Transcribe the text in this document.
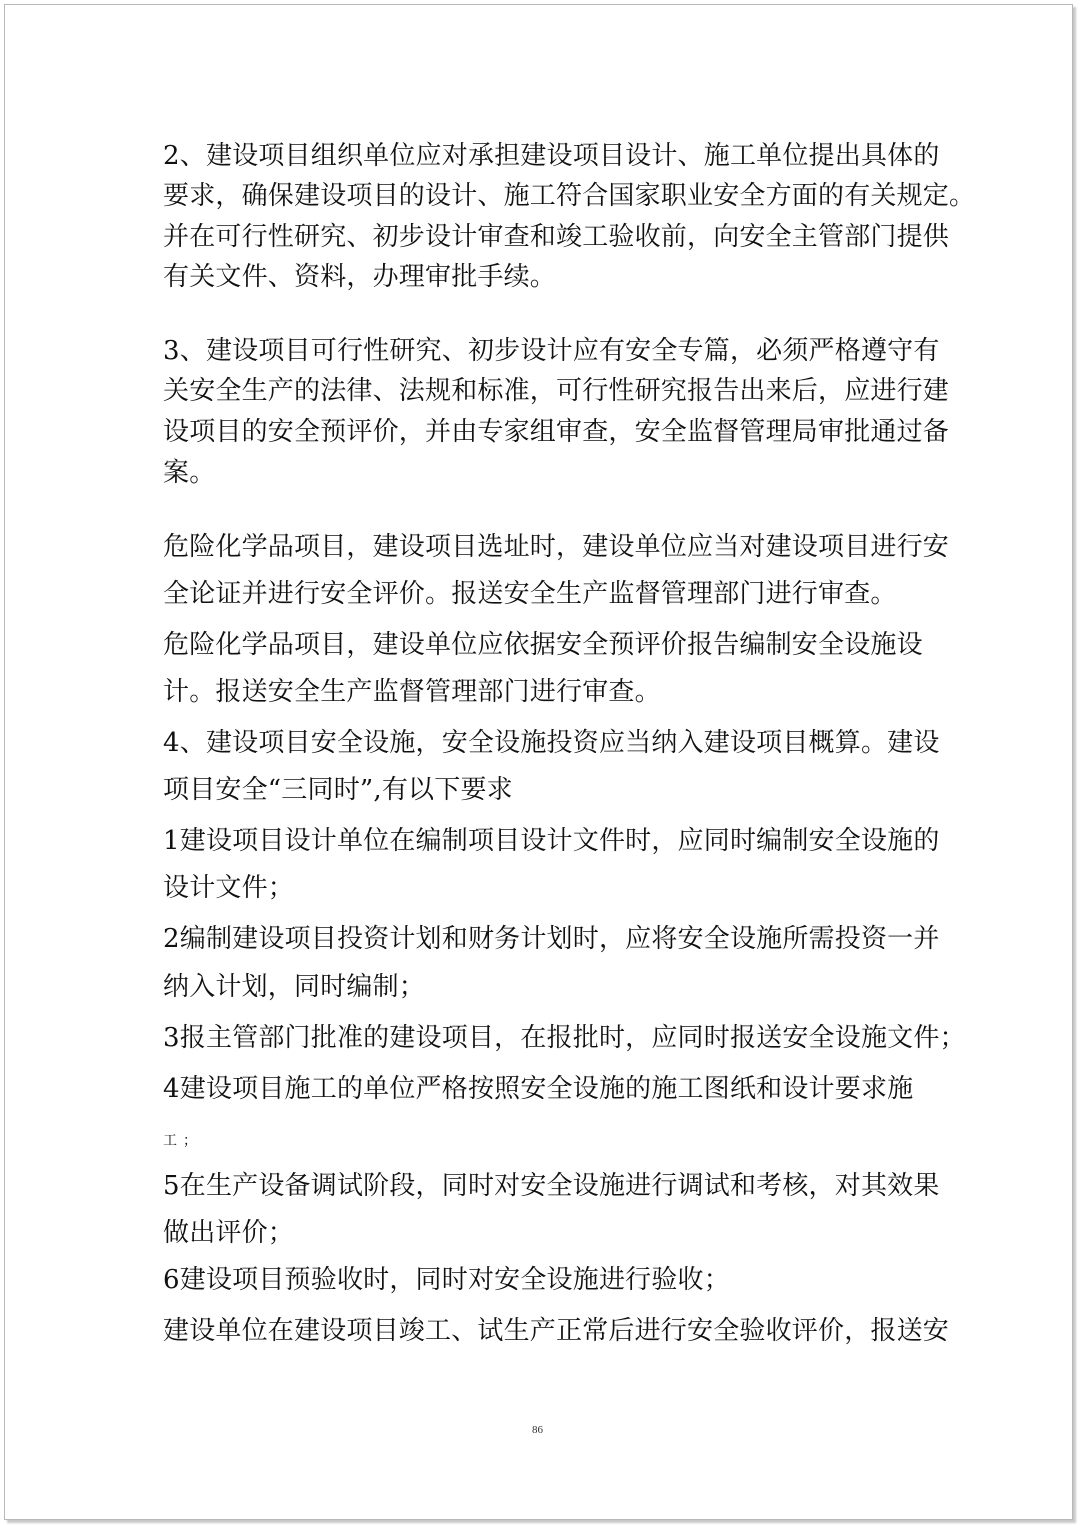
2、建设项目组织单位应对承担建设项目设计、施工单位提出具体的
要求，确保建设项目的设计、施工符合国家职业安全方面的有关规定。
并在可行性研究、初步设计审查和竣工验收前，向安全主管部门提供
有关文件、资料，办理审批手续。
3、建设项目可行性研究、初步设计应有安全专篇，必须严格遵守有
关安全生产的法律、法规和标准，可行性研究报告出来后，应进行建
设项目的安全预评价，并由专家组审查，安全监督管理局审批通过备
案。
危险化学品项目，建设项目选址时，建设单位应当对建设项目进行安
全论证并进行安全评价。报送安全生产监督管理部门进行审查。
危险化学品项目，建设单位应依据安全预评价报告编制安全设施设
计。报送安全生产监督管理部门进行审查。
4、建设项目安全设施，安全设施投资应当纳入建设项目概算。建设
项目安全“三同时”,有以下要求
1建设项目设计单位在编制项目设计文件时，应同时编制安全设施的
设计文件；
2编制建设项目投资计划和财务计划时，应将安全设施所需投资一并
纳入计划，同时编制；
3报主管部门批准的建设项目，在报批时，应同时报送安全设施文件；
4建设项目施工的单位严格按照安全设施的施工图纸和设计要求施
工；
5在生产设备调试阶段，同时对安全设施进行调试和考核，对其效果
做出评价；
6建设项目预验收时，同时对安全设施进行验收；
建设单位在建设项目竣工、试生产正常后进行安全验收评价，报送安
86
